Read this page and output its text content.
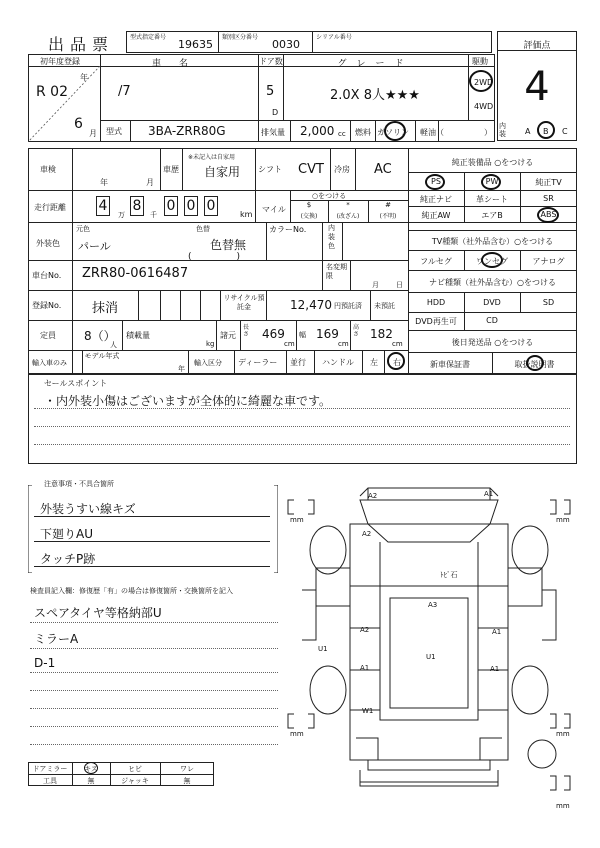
出品票	型式指定番号
19635
類別区分番号
0030
シリアル番号
評価点
4
初年度登録
R 02
年
6
月
車名
/7
型式 3BA-ZRR80G
ドア数
5
D
グレード
2.0X 8人★★★
駆動
2WD
4WD
排気量 2,000 cc 燃料 ガソリン 軽油（	）
内装	A B C
車検
年	月
車歴
※未記入は自家用
自家用 シフト CVT 冷房 AC
走行距離 4
万
8
千
0 0 0
km
マイル
○をつける
$
(交換)
*
(改ざん)
#
(不明)
外装色
元色
パール
色替
色替無
(　　　　　)
カラーNo.	内装色
車台No. ZRR80-0616487	名変期限
月 日
登録No. 抹消
リサイクル預託金	12,470 円預託済 未預託
定員 8（）
人
積載量
kg
諸元
長さ 469
cm
幅 169
cm
高さ 182
cm
輸入車のみ
モデル年式
年
輸入区分 ディーラー 並行 ハンドル 左 右
純正装備品 ○をつける
PS	PW	純正TV
純正ナビ	革シート	SR
純正AW	エアB	ABS
TV種類（社外品含む）○をつける
フルセグ	ワンセグ	アナログ
ナビ種類（社外品含む）○をつける
HDD	DVD	SD
DVD再生可	CD
後日発送品 ○をつける
新車保証書	取扱説明書
セールスポイント
・内外装小傷はございますが全体的に綺麗な車です。
注意事項・不具合箇所
外装うすい線キズ
下廻りAU
タッチP跡
検査員記入欄：修復歴「有」の場合は修復箇所・交換箇所を記入
スペアタイヤ等格納部U
ミラーA
D-1
ドアミラー	キズ	ヒビ	ワレ
工具	無	ジャッキ	無
mm	mm
mm	mm
mm
A2	A1
A2
ﾄﾋﾞ石
A3
A2	A1
U1
A1
U1
A1
W1
